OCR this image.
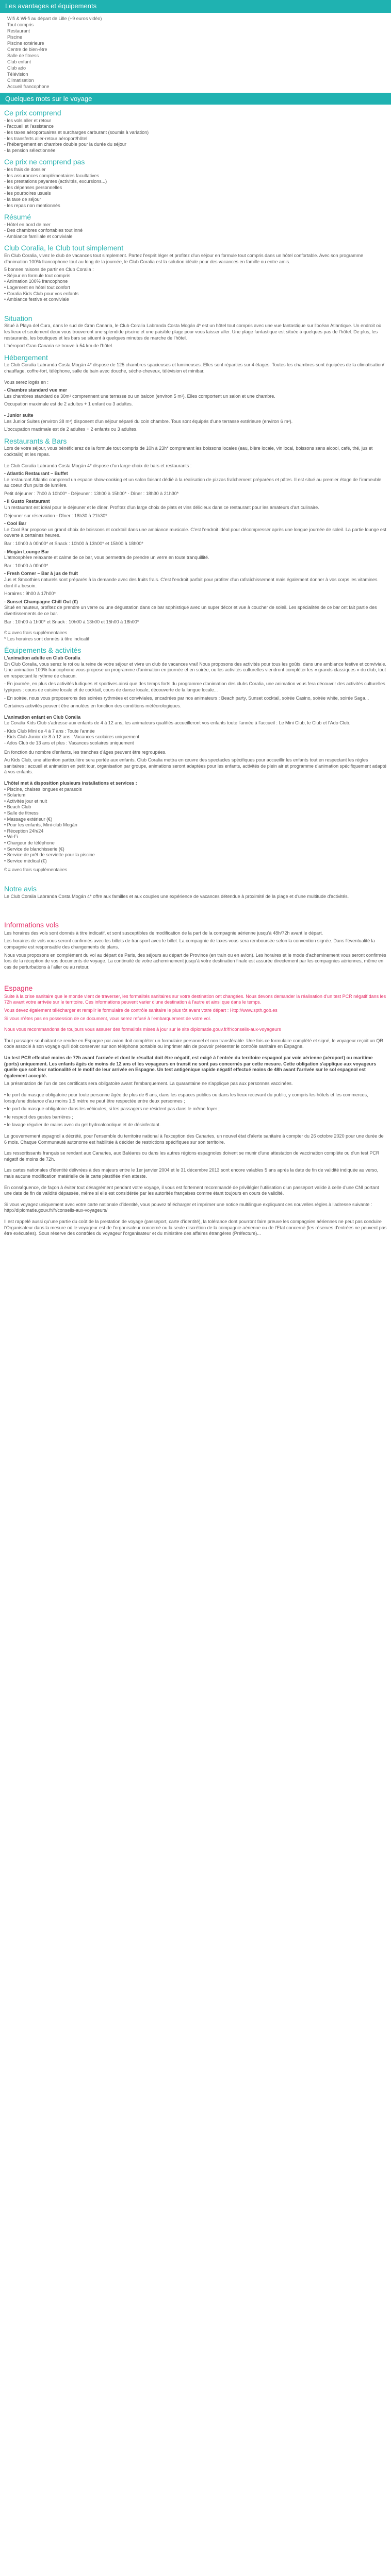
Les avantages et équipements
Wifi & Wi-fi au départ de Lille (+9 euros vidéo)
Tout compris
Restaurant
Piscine
Piscine extérieure
Centre de bien-être
Salle de fitness
Club enfant
Club ado
Télévision
Climatisation
Accueil francophone
Quelques mots sur le voyage
Ce prix comprend

- les vols aller et retour

- l'accueil et l'assistance

- les taxes aéroportuaires et surcharges carburant (soumis à variation)

- les transferts aller-retour aéroport/hôtel

- l'hébergement en chambre double pour la durée du séjour

- la pension sélectionnée

Ce prix ne comprend pas

- les frais de dossier

- les assurances complémentaires facultatives

- les prestations payantes (activités, excursions...)

- les dépenses personnelles

- les pourboires usuels

- la taxe de séjour

- les repas non mentionnés

Résumé

- Hôtel en bord de mer

- Des chambres confortables tout inné

- Ambiance familiale et conviviale

Club Coralia, le Club tout simplement

En Club Coralia, vivez le club de vacances tout simplement. Partez l'esprit léger et profitez d'un séjour en formule tout compris dans un hôtel confortable. Avec son programme d'animation 100% francophone tout au long de la journée, le Club Coralia est la solution idéale pour des vacances en famille ou entre amis.

5 bonnes raisons de partir en Club Coralia :

• Séjour en formule tout compris

• Animation 100% francophone

• Logement en hôtel tout confort

• Coralia Kids Club pour vos enfants

• Ambiance festive et conviviale

Situation

Situé à Playa del Cura, dans le sud de Gran Canaria, le Club Coralia Labranda Costa Mogán 4* est un hôtel tout compris avec une vue fantastique sur l'océan Atlantique. Un endroit où les lieux et seulement deux vous trouveront une splendide piscine et une paisible plage pour vous laisser aller. Une plage fantastique est située à quelques pas de l'hôtel. De plus, les restaurants, les boutiques et les bars se situent à quelques minutes de marche de l'hôtel.

L'aéroport Gran Canaria se trouve à 54 km de l'hôtel.

Hébergement

Le Club Coralia Labranda Costa Mogán 4* dispose de 125 chambres spacieuses et lumineuses. Elles sont réparties sur 4 étages. Toutes les chambres sont équipées de la climatisation/ chauffage, coffre-fort, téléphone, salle de bain avec douche, sèche-cheveux, télévision et minibar.

Vous serez logés en :

- Chambre standard vue mer

Les chambres standard de 30m² comprennent une terrasse ou un balcon (environ 5 m²). Elles comportent un salon et une chambre.

Occupation maximale est de 2 adultes + 1 enfant ou 3 adultes.

- Junior suite

Les Junior Suites (environ 38 m²) disposent d'un séjour séparé du coin chambre. Tous sont équipés d'une terrasse extérieure (environ 6 m²).

L'occupation maximale est de 2 adultes + 2 enfants ou 3 adultes.

Restaurants & Bars

Lors de votre séjour, vous bénéficierez de la formule tout compris de 10h à 23h* comprenant les boissons locales (eau, bière locale, vin local, boissons sans alcool, café, thé, jus et cocktails) et les repas.

Le Club Coralia Labranda Costa Mogán 4* dispose d'un large choix de bars et restaurants :

- Atlantic Restaurant – Buffet

Le restaurant Atlantic comprend un espace show-cooking et un salon faisant dédié à la réalisation de pizzas fraîchement préparées et pâtes. Il est situé au premier étage de l'immeuble au coeur d'un puits de lumière.

Petit déjeuner : 7h00 à 10h00* - Déjeuner : 13h00 à 15h00* - Dîner : 18h30 à 21h30*

- Il Gusto Restaurant

Un restaurant est idéal pour le déjeuner et le dîner. Profitez d'un large choix de plats et vins délicieux dans ce restaurant pour les amateurs d'art culinaire.

Déjeuner sur réservation - Dîner : 18h30 à 21h30*

- Cool Bar

Le Cool Bar propose un grand choix de boissons et cocktail dans une ambiance musicale. C'est l'endroit idéal pour décompresser après une longue journée de soleil. La partie lounge est ouverte à certaines heures.

Bar : 10h00 à 00h00* et Snack : 10h00 à 13h00* et 15h00 à 18h00*

- Mogán Lounge Bar

L'atmosphère relaxante et calme de ce bar, vous permettra de prendre un verre en toute tranquillité.

Bar : 10h00 à 00h00*

- Fresh Corner – Bar à jus de fruit

Jus et Smoothies naturels sont préparés à la demande avec des fruits frais. C'est l'endroit parfait pour profiter d'un rafraîchissement mais également donner à vos corps les vitamines dont il a besoin.

Horaires : 9h00 à 17h00*

- Sunset Champagne Chill Out (€)

Situé en hauteur, profitez de prendre un verre ou une dégustation dans ce bar sophistiqué avec un super décor et vue à coucher de soleil. Les spécialités de ce bar ont fait partie des divertissements de ce bar.

Bar : 10h00 à 1h00* et Snack : 10h00 à 13h00 et 15h00 à 18h00*

€ = avec frais supplémentaires

* Les horaires sont donnés à titre indicatif

Équipements & activités

L'animation adulte en Club Coralia

En Club Coralia, vous serez le roi ou la reine de votre séjour et vivre un club de vacances vrai! Nous proposons des activités pour tous les goûts, dans une ambiance festive et conviviale. Une animation 100% francophone vous propose un programme d'animation en journée et en soirée, ou les activités culturelles viendront compléter les « grands classiques » du club, tout en respectant le rythme de chacun.

- En journée, en plus des activités ludiques et sportives ainsi que des temps forts du programme d'animation des clubs Coralia, une animation vous fera découvrir des activités culturelles typiques : cours de cuisine locale et de cocktail, cours de danse locale, découverte de la langue locale...

- En soirée, nous vous proposerons des soirées rythmées et conviviales, encadrées par nos animateurs : Beach party, Sunset cocktail, soirée Casino, soirée white, soirée Saga...

Certaines activités peuvent être annulées en fonction des conditions météorologiques.

L'animation enfant en Club Coralia

Le Coralia Kids Club s'adresse aux enfants de 4 à 12 ans, les animateurs qualifiés accueilleront vos enfants toute l'année à l'accueil : Le Mini Club, le Club et l'Ado Club.

- Kids Club Mini de 4 à 7 ans : Toute l'année

- Kids Club Junior de 8 à 12 ans : Vacances scolaires uniquement

- Ados Club de 13 ans et plus : Vacances scolaires uniquement

En fonction du nombre d'enfants, les tranches d'âges peuvent être regroupées.

Au Kids Club, une attention particulière sera portée aux enfants. Club Coralia mettra en œuvre des spectacles spécifiques pour accueillir les enfants tout en respectant les règles sanitaires : accueil et animation en petit tour, organisation par groupe, animations seront adaptées pour les enfants, activités de plein air et programme d'animation spécifiquement adapté à vos enfants.

L'hôtel met à disposition plusieurs installations et services :

• Piscine, chaises longues et parasols

• Solarium

• Activités jour et nuit

• Beach Club

• Salle de fitness

• Massage extérieur (€)

• Pour les enfants, Mini-club Mogán

• Réception 24h/24

• Wi-Fi

• Chargeur de téléphone

• Service de blanchisserie (€)

• Service de prêt de serviette pour la piscine

• Service médical (€)

€ = avec frais supplémentaires

Notre avis

Le Club Coralia Labranda Costa Mogán 4* offre aux familles et aux couples une expérience de vacances détendue à proximité de la plage et d'une multitude d'activités.

Informations vols

Les horaires des vols sont donnés à titre indicatif, et sont susceptibles de modification de la part de la compagnie aérienne jusqu'à 48h/72h avant le départ.

Les horaires de vols vous seront confirmés avec les billets de transport avec le billet. La compagnie de taxes vous sera remboursée selon la convention signée. Dans l'éventualité la compagnie est responsable des changements de plans.

Nous vous proposons en complément du vol au départ de Paris, des séjours au départ de Province (en train ou en avion). Les horaires et le mode d'acheminement vous seront confirmés lors de la réception de vos documents de voyage. La continuité de votre acheminement jusqu'à votre destination finale est assurée directement par les compagnies aériennes, même en cas de perturbations à l'aller ou au retour.

Espagne

Suite à la crise sanitaire que le monde vient de traverser, les formalités sanitaires sur votre destination ont changées. Nous devons demander la réalisation d'un test PCR négatif dans les 72h avant votre arrivée sur le territoire. Ces informations peuvent varier d'une destination à l'autre et ainsi que dans le temps.

Vous devez également télécharger et remplir le formulaire de contrôle sanitaire le plus tôt avant votre départ : Http://www.spth.gob.es

Si vous n'êtes pas en possession de ce document, vous serez refusé à l'embarquement de votre vol.

Nous vous recommandons de toujours vous assurer des formalités mises à jour sur le site diplomatie.gouv.fr/fr/conseils-aux-voyageurs

Tout passager souhaitant se rendre en Espagne par avion doit compléter un formulaire personnel et non transférable. Une fois ce formulaire complété et signé, le voyageur reçoit un QR code associé à son voyage qu'il doit conserver sur son téléphone portable ou imprimer afin de pouvoir présenter le contrôle sanitaire en Espagne.

Un test PCR effectué moins de 72h avant l'arrivée et dont le résultat doit être négatif, est exigé à l'entrée du territoire espagnol par voie aérienne (aéroport) ou maritime (ports) uniquement. Les enfants âgés de moins de 12 ans et les voyageurs en transit ne sont pas concernés par cette mesure. Cette obligation s'applique aux voyageurs quelle que soit leur nationalité et le motif de leur arrivée en Espagne. Un test antigénique rapide négatif effectué moins de 48h avant l'arrivée sur le sol espagnol est également accepté.

La présentation de l'un de ces certificats sera obligatoire avant l'embarquement. La quarantaine ne s'applique pas aux personnes vaccinées.

• le port du masque obligatoire pour toute personne âgée de plus de 6 ans, dans les espaces publics ou dans les lieux recevant du public, y compris les hôtels et les commerces, lorsqu'une distance d'au moins 1,5 mètre ne peut être respectée entre deux personnes ;

• le port du masque obligatoire dans les véhicules, si les passagers ne résident pas dans le même foyer ;

• le respect des gestes barrières ;

• le lavage régulier de mains avec du gel hydroalcoolique et de désinfectant.

Le gouvernement espagnol a décrété, pour l'ensemble du territoire national à l'exception des Canaries, un nouvel état d'alerte sanitaire à compter du 26 octobre 2020 pour une durée de 6 mois. Chaque Communauté autonome est habilitée à décider de restrictions spécifiques sur son territoire.

Les ressortissants français se rendant aux Canaries, aux Baléares ou dans les autres régions espagnoles doivent se munir d'une attestation de vaccination complète ou d'un test PCR négatif de moins de 72h.

Les cartes nationales d'identité délivrées à des majeurs entre le 1er janvier 2004 et le 31 décembre 2013 sont encore valables 5 ans après la date de fin de validité indiquée au verso, mais aucune modification matérielle de la carte plastifiée n'en atteste.

En conséquence, de façon à éviter tout désagrément pendant votre voyage, il vous est fortement recommandé de privilégier l'utilisation d'un passeport valide à celle d'une CNI portant une date de fin de validité dépassée, même si elle est considérée par les autorités françaises comme étant toujours en cours de validité.

Si vous voyagez uniquement avec votre carte nationale d'identité, vous pouvez télécharger et imprimer une notice multilingue expliquant ces nouvelles règles à l'adresse suivante : http://diplomatie.gouv.fr/fr/conseils-aux-voyageurs/

Il est rappelé aussi qu'une partie du coût de la prestation de voyage (passeport, carte d'identité), la tolérance dont pourront faire preuve les compagnies aériennes ne peut pas conduire l'Organisateur dans la mesure où le voyageur est de l'organisateur concerné ou la seule discrétion de la compagnie aérienne ou de l'Etat concerné (les réserves d'entrées ne peuvent pas être exécutées). Sous réserve des contrôles du voyageur l'organisateur et du ministère des affaires étrangères (Préfecture)...
